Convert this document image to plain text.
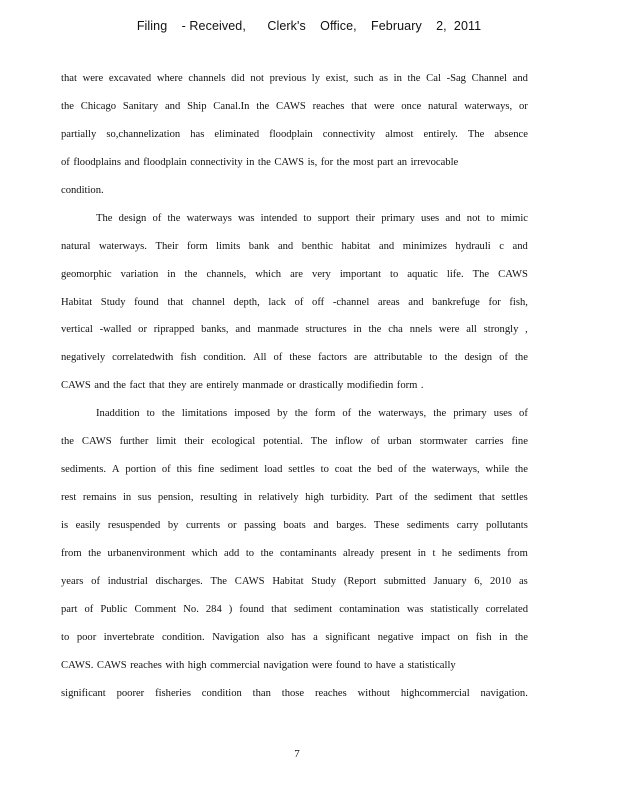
Filing    - Received,      Clerk's    Office,    February    2,  2011
that were excavated where channels did not previous ly exist, such as in the Cal -Sag Channel and
the Chicago Sanitary and Ship Canal.In the CAWS reaches that were once natural waterways, or
partially so,channelization has eliminated floodplain connectivity almost entirely. The absence
of floodplains and floodplain connectivity in the CAWS is, for the most part an irrevocable
condition.
The design of the waterways was intended to support their primary uses and not to mimic
natural waterways. Their form limits bank and benthic habitat and minimizes hydrauli c and
geomorphic variation in the channels, which are very important to aquatic life. The CAWS
Habitat Study found that channel depth, lack of off -channel areas and bankrefuge for fish,
vertical -walled or riprapped banks, and manmade structures in the cha nnels were all strongly ,
negatively correlatedwith fish condition. All of these factors are attributable to the design of the
CAWS and the fact that they are entirely manmade or drastically modifiedin form .
Inaddition to the limitations imposed by the form of the waterways, the primary uses of
the CAWS further limit their ecological potential. The inflow of urban stormwater carries fine
sediments. A portion of this fine sediment load settles to coat the bed of the waterways, while the
rest remains in sus pension, resulting in relatively high turbidity. Part of the sediment that settles
is easily resuspended by currents or passing boats and barges. These sediments carry pollutants
from the urbanenvironment which add to the contaminants already present in t he sediments from
years of industrial discharges. The CAWS Habitat Study (Report submitted January 6, 2010 as
part of Public Comment No. 284 ) found that sediment contamination was statistically correlated
to poor invertebrate condition. Navigation also has a significant negative impact on fish in the
CAWS. CAWS reaches with high commercial navigation were found to have a statistically
significant poorer fisheries condition than those reaches without highcommercial navigation.
7
